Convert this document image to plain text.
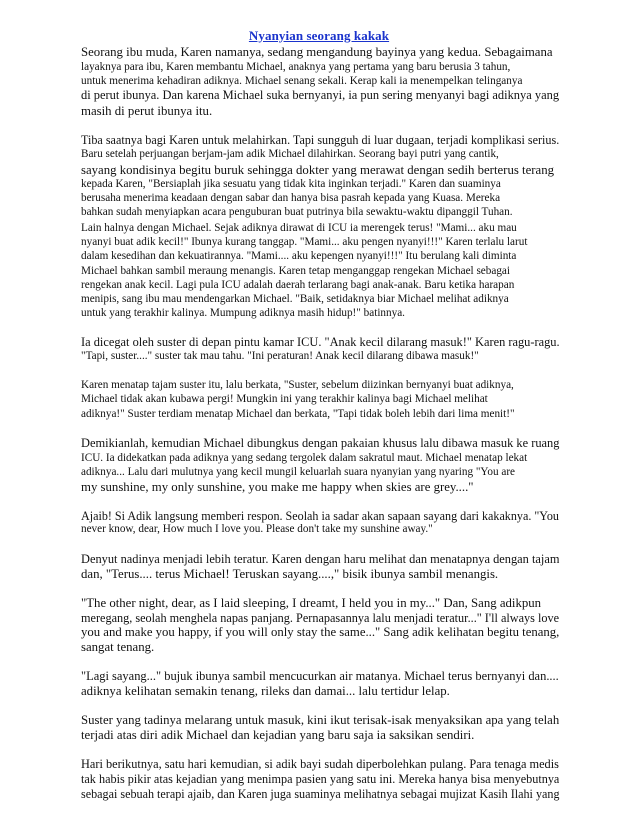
Nyanyian seorang kakak
Seorang ibu muda, Karen namanya, sedang mengandung bayinya yang kedua. Sebagaimana
layaknya para ibu, Karen membantu Michael, anaknya yang pertama yang baru berusia 3 tahun,
untuk menerima kehadiran adiknya. Michael senang sekali. Kerap kali ia menempelkan telinganya
di perut ibunya. Dan karena Michael suka bernyanyi, ia pun sering menyanyi bagi adiknya yang
masih di perut ibunya itu.
Tiba saatnya bagi Karen untuk melahirkan. Tapi sungguh di luar dugaan, terjadi komplikasi serius.
Baru setelah perjuangan berjam-jam adik Michael dilahirkan. Seorang bayi putri yang cantik,
sayang kondisinya begitu buruk sehingga dokter yang merawat dengan sedih berterus terang
kepada Karen, "Bersiaplah jika sesuatu yang tidak kita inginkan terjadi." Karen dan suaminya
berusaha menerima keadaan dengan sabar dan hanya bisa pasrah kepada yang Kuasa. Mereka
bahkan sudah menyiapkan acara penguburan buat putrinya bila sewaktu-waktu dipanggil Tuhan.
Lain halnya dengan Michael. Sejak adiknya dirawat di ICU ia merengek terus! "Mami... aku mau
nyanyi buat adik kecil!" Ibunya kurang tanggap. "Mami... aku pengen nyanyi!!!" Karen terlalu larut
dalam kesedihan dan kekuatirannya. "Mami.... aku kepengen nyanyi!!!" Itu berulang kali diminta
Michael bahkan sambil meraung menangis. Karen tetap menganggap rengekan Michael sebagai
rengekan anak kecil. Lagi pula ICU adalah daerah terlarang bagi anak-anak. Baru ketika harapan
menipis, sang ibu mau mendengarkan Michael. "Baik, setidaknya biar Michael melihat adiknya
untuk yang terakhir kalinya. Mumpung adiknya masih hidup!" batinnya.
Ia dicegat oleh suster di depan pintu kamar ICU. "Anak kecil dilarang masuk!" Karen ragu-ragu.
"Tapi, suster...." suster tak mau tahu. "Ini peraturan! Anak kecil dilarang dibawa masuk!"
Karen menatap tajam suster itu, lalu berkata, "Suster, sebelum diizinkan bernyanyi buat adiknya,
Michael tidak akan kubawa pergi! Mungkin ini yang terakhir kalinya bagi Michael melihat
adiknya!" Suster terdiam menatap Michael dan berkata, "Tapi tidak boleh lebih dari lima menit!"
Demikianlah, kemudian Michael dibungkus dengan pakaian khusus lalu dibawa masuk ke ruang
ICU. Ia didekatkan pada adiknya yang sedang tergolek dalam sakratul maut. Michael menatap lekat
adiknya... Lalu dari mulutnya yang kecil mungil keluarlah suara nyanyian yang nyaring "You are
my sunshine, my only sunshine, you make me happy when skies are grey...."
Ajaib! Si Adik langsung memberi respon. Seolah ia sadar akan sapaan sayang dari kakaknya. "You
never know, dear, How much I love you. Please don't take my sunshine away."
Denyut nadinya menjadi lebih teratur. Karen dengan haru melihat dan menatapnya dengan tajam
dan, "Terus.... terus Michael! Teruskan sayang....," bisik ibunya sambil menangis.
"The other night, dear, as I laid sleeping, I dreamt, I held you in my..." Dan, Sang adikpun
meregang, seolah menghela napas panjang. Pernapasannya lalu menjadi teratur..." I'll always love
you and make you happy, if you will only stay the same..." Sang adik kelihatan begitu tenang,
sangat tenang.
"Lagi sayang..." bujuk ibunya sambil mencucurkan air matanya. Michael terus bernyanyi dan....
adiknya kelihatan semakin tenang, rileks dan damai... lalu tertidur lelap.
Suster yang tadinya melarang untuk masuk, kini ikut terisak-isak menyaksikan apa yang telah
terjadi atas diri adik Michael dan kejadian yang baru saja ia saksikan sendiri.
Hari berikutnya, satu hari kemudian, si adik bayi sudah diperbolehkan pulang. Para tenaga medis
tak habis pikir atas kejadian yang menimpa pasien yang satu ini. Mereka hanya bisa menyebutnya
sebagai sebuah terapi ajaib, dan Karen juga suaminya melihatnya sebagai mujizat Kasih Ilahi yang
